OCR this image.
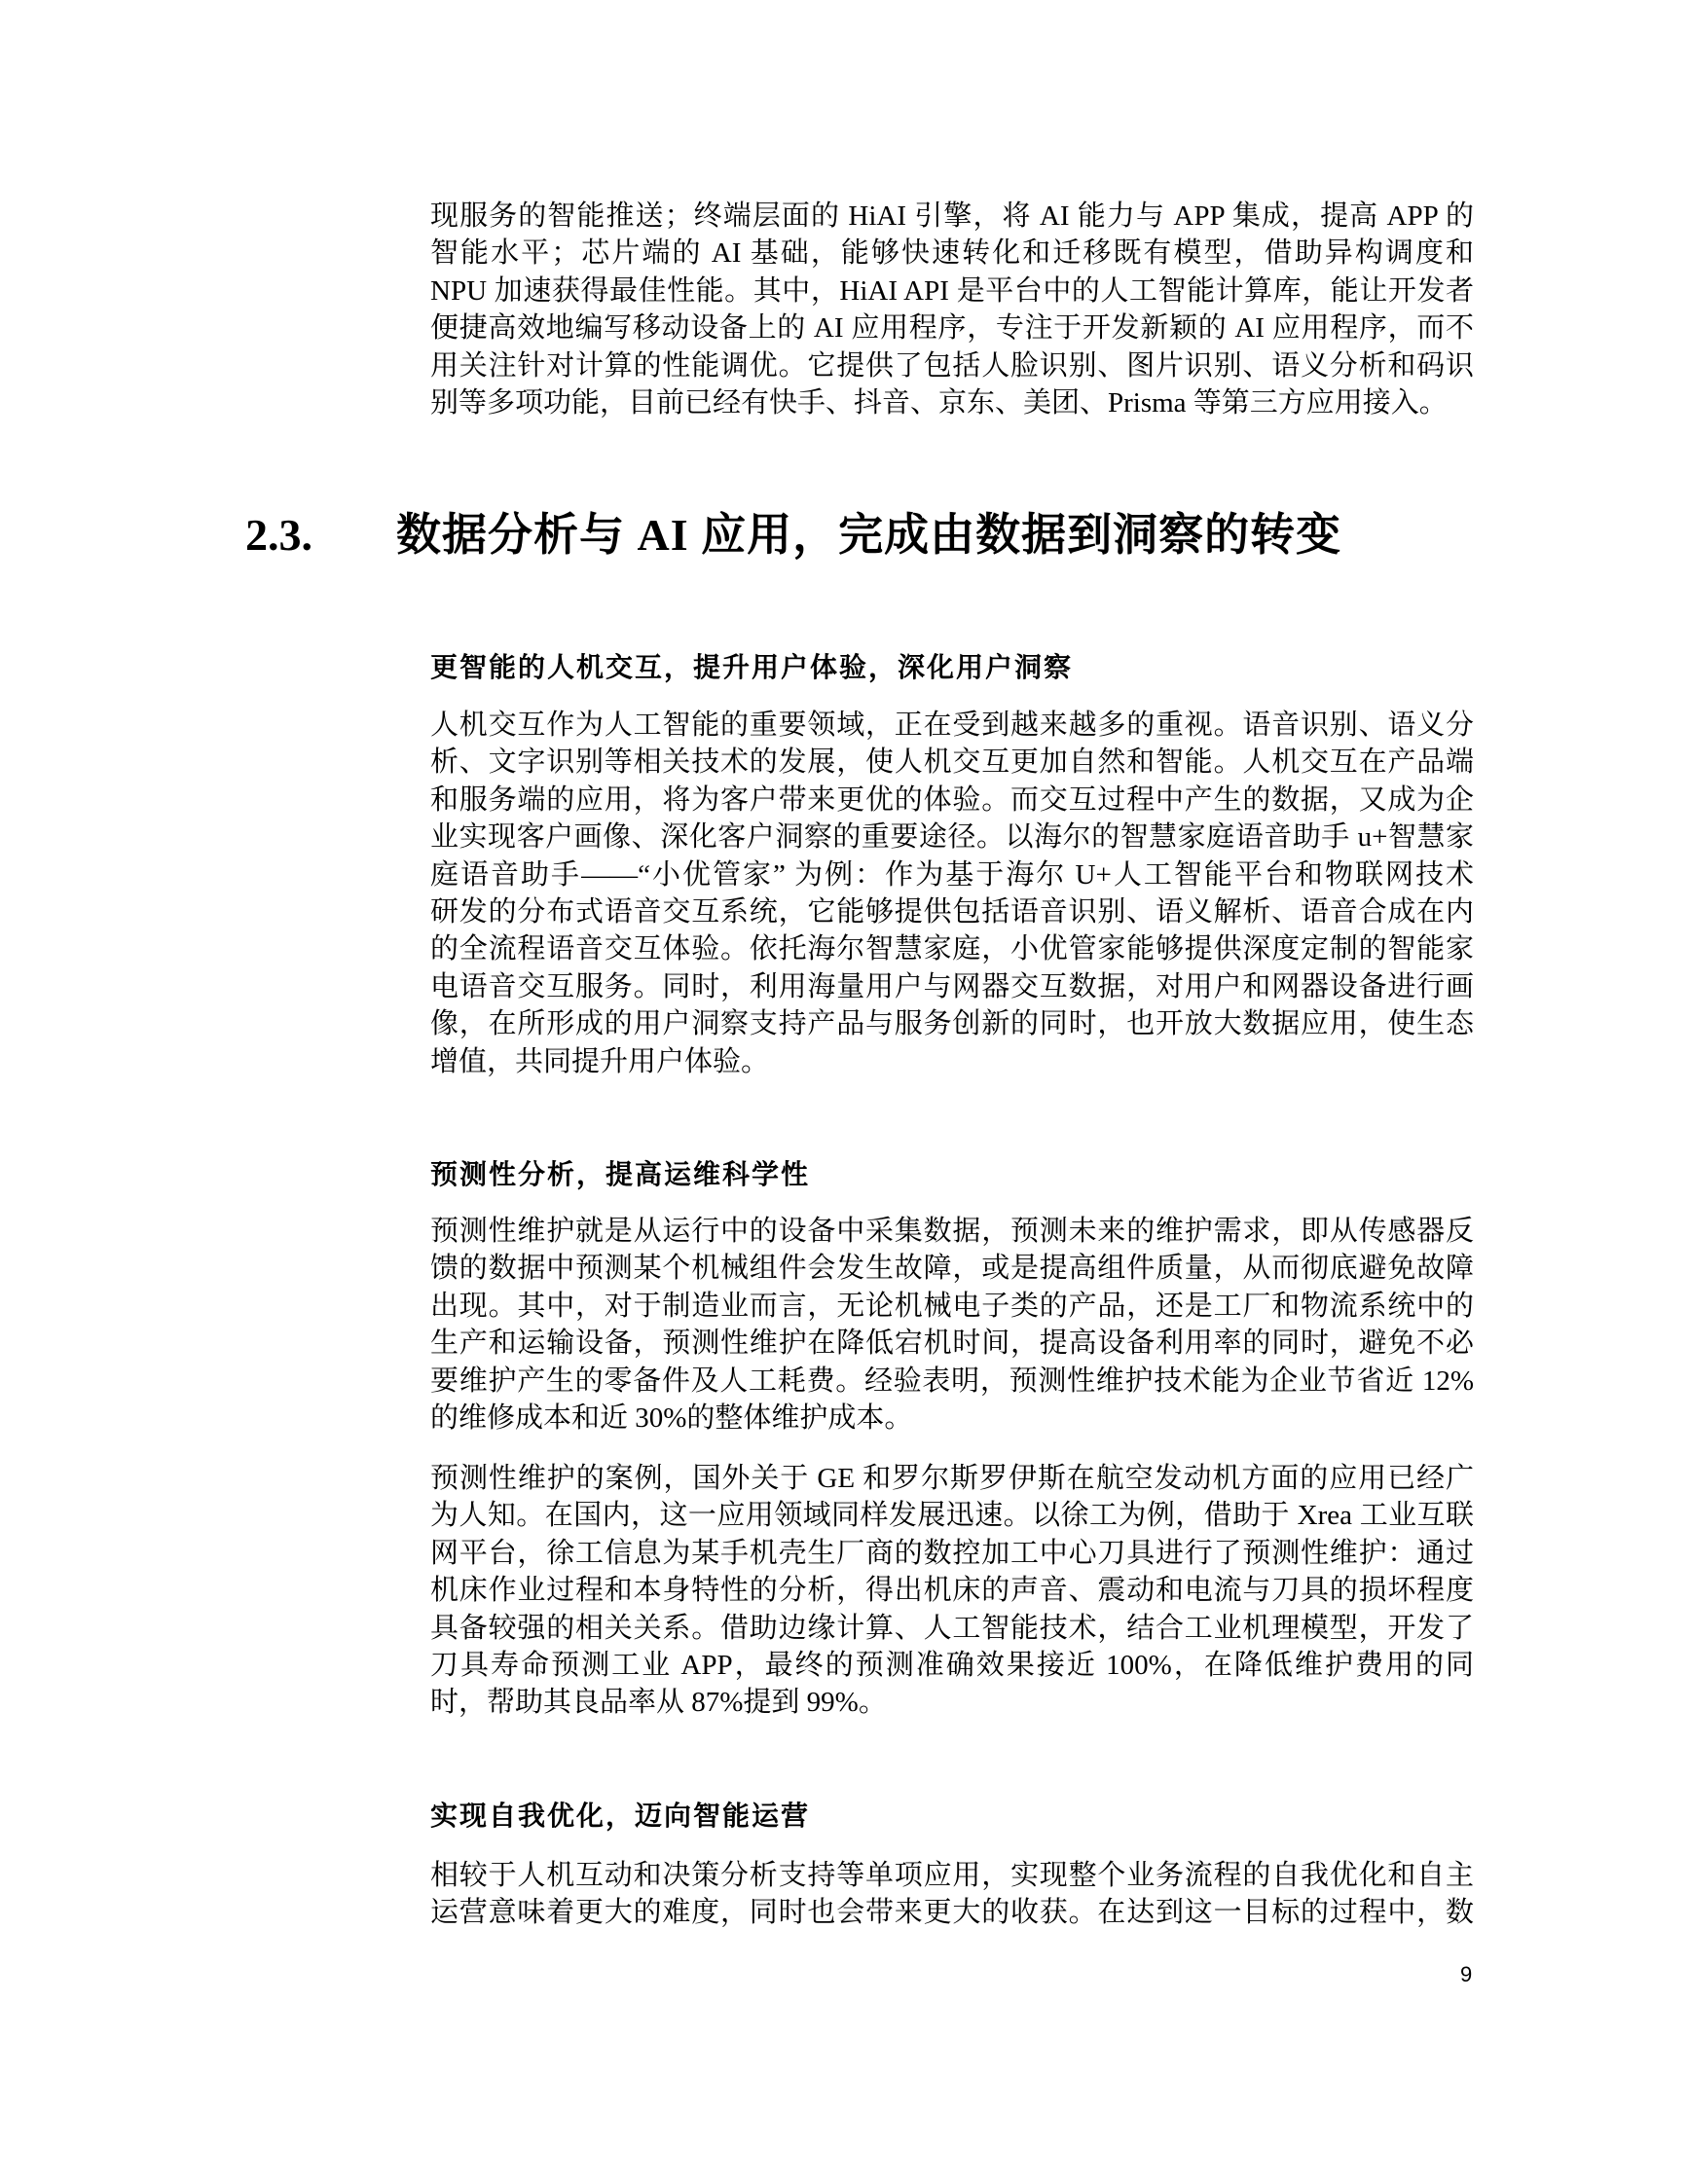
现服务的智能推送；终端层面的 HiAI 引擎，将 AI 能力与 APP 集成，提高 APP 的
智能水平；芯片端的 AI 基础，能够快速转化和迁移既有模型，借助异构调度和
NPU 加速获得最佳性能。其中，HiAI API 是平台中的人工智能计算库，能让开发者
便捷高效地编写移动设备上的 AI 应用程序，专注于开发新颖的 AI 应用程序，而不
用关注针对计算的性能调优。它提供了包括人脸识别、图片识别、语义分析和码识
别等多项功能，目前已经有快手、抖音、京东、美团、Prisma 等第三方应用接入。
2.3. 数据分析与 AI 应用，完成由数据到洞察的转变
更智能的人机交互，提升用户体验，深化用户洞察
人机交互作为人工智能的重要领域，正在受到越来越多的重视。语音识别、语义分
析、文字识别等相关技术的发展，使人机交互更加自然和智能。人机交互在产品端
和服务端的应用，将为客户带来更优的体验。而交互过程中产生的数据，又成为企
业实现客户画像、深化客户洞察的重要途径。以海尔的智慧家庭语音助手 u+智慧家
庭语音助手——“小优管家” 为例：作为基于海尔 U+人工智能平台和物联网技术
研发的分布式语音交互系统，它能够提供包括语音识别、语义解析、语音合成在内
的全流程语音交互体验。依托海尔智慧家庭，小优管家能够提供深度定制的智能家
电语音交互服务。同时，利用海量用户与网器交互数据，对用户和网器设备进行画
像，在所形成的用户洞察支持产品与服务创新的同时，也开放大数据应用，使生态
增值，共同提升用户体验。
预测性分析，提高运维科学性
预测性维护就是从运行中的设备中采集数据，预测未来的维护需求，即从传感器反
馈的数据中预测某个机械组件会发生故障，或是提高组件质量，从而彻底避免故障
出现。其中，对于制造业而言，无论机械电子类的产品，还是工厂和物流系统中的
生产和运输设备，预测性维护在降低宕机时间，提高设备利用率的同时，避免不必
要维护产生的零备件及人工耗费。经验表明，预测性维护技术能为企业节省近 12%
的维修成本和近 30%的整体维护成本。
预测性维护的案例，国外关于 GE 和罗尔斯罗伊斯在航空发动机方面的应用已经广
为人知。在国内，这一应用领域同样发展迅速。以徐工为例，借助于 Xrea 工业互联
网平台，徐工信息为某手机壳生厂商的数控加工中心刀具进行了预测性维护：通过
机床作业过程和本身特性的分析，得出机床的声音、震动和电流与刀具的损坏程度
具备较强的相关关系。借助边缘计算、人工智能技术，结合工业机理模型，开发了
刀具寿命预测工业 APP，最终的预测准确效果接近 100%，在降低维护费用的同
时，帮助其良品率从 87%提到 99%。
实现自我优化，迈向智能运营
相较于人机互动和决策分析支持等单项应用，实现整个业务流程的自我优化和自主
运营意味着更大的难度，同时也会带来更大的收获。在达到这一目标的过程中，数
9
